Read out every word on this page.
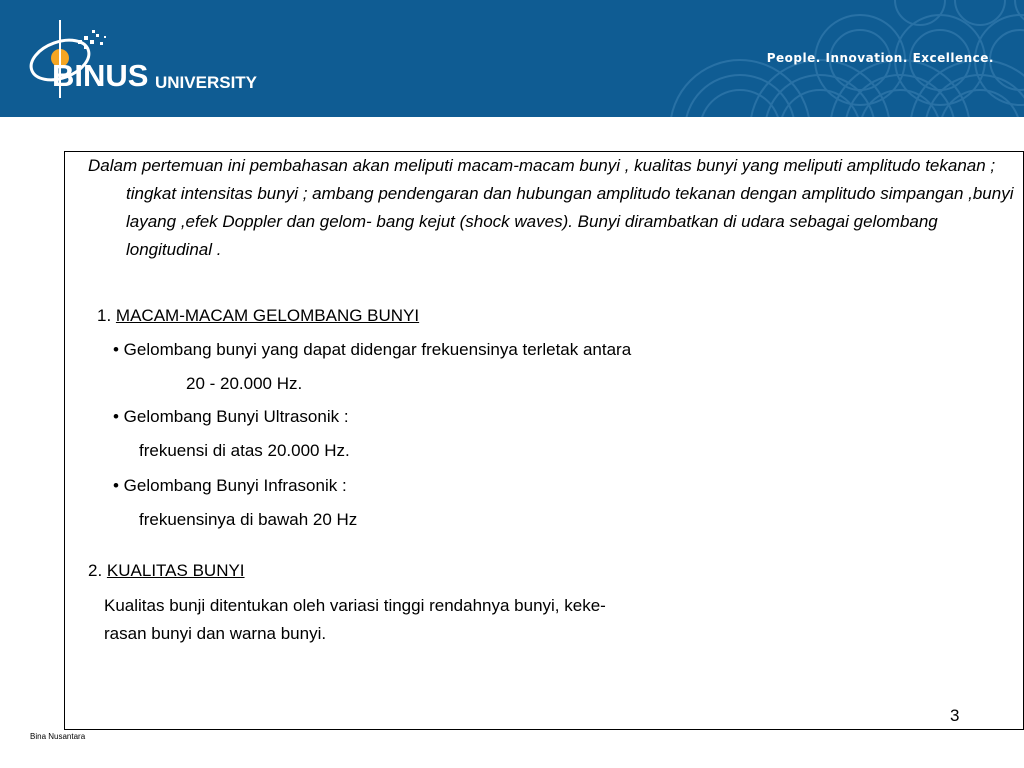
BINUS UNIVERSITY
People. Innovation. Excellence.
Dalam pertemuan ini pembahasan akan meliputi macam-macam bunyi , kualitas bunyi yang meliputi amplitudo tekanan ; tingkat intensitas bunyi ; ambang pendengaran dan hubungan amplitudo tekanan dengan amplitudo simpangan ,bunyi layang ,efek Doppler dan gelom- bang kejut (shock waves). Bunyi dirambatkan di udara sebagai gelombang longitudinal .
1. MACAM-MACAM GELOMBANG BUNYI
• Gelombang bunyi yang dapat didengar frekuensinya terletak antara
20 - 20.000 Hz.
• Gelombang Bunyi Ultrasonik :
frekuensi di atas 20.000 Hz.
• Gelombang Bunyi Infrasonik :
frekuensinya di bawah 20 Hz
2. KUALITAS BUNYI
Kualitas bunji ditentukan oleh variasi tinggi rendahnya bunyi, keke-
rasan bunyi dan warna bunyi.
3
Bina Nusantara
